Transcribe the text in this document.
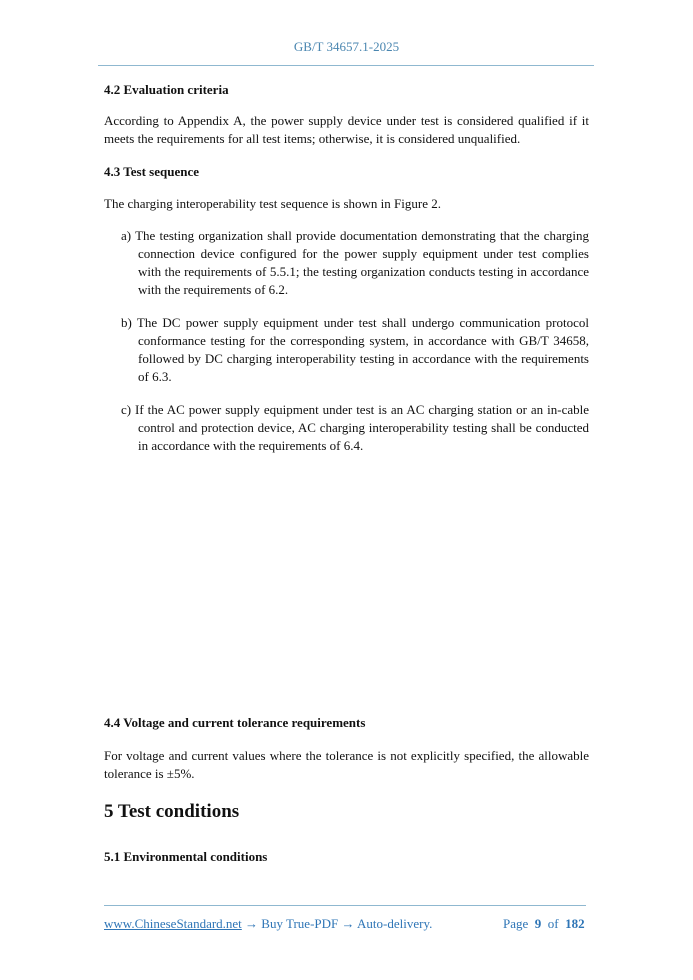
GB/T 34657.1-2025
4.2 Evaluation criteria
According to Appendix A, the power supply device under test is considered qualified if it meets the requirements for all test items; otherwise, it is considered unqualified.
4.3 Test sequence
The charging interoperability test sequence is shown in Figure 2.
a) The testing organization shall provide documentation demonstrating that the charging connection device configured for the power supply equipment under test complies with the requirements of 5.5.1; the testing organization conducts testing in accordance with the requirements of 6.2.
b) The DC power supply equipment under test shall undergo communication protocol conformance testing for the corresponding system, in accordance with GB/T 34658, followed by DC charging interoperability testing in accordance with the requirements of 6.3.
c) If the AC power supply equipment under test is an AC charging station or an in-cable control and protection device, AC charging interoperability testing shall be conducted in accordance with the requirements of 6.4.
4.4 Voltage and current tolerance requirements
For voltage and current values where the tolerance is not explicitly specified, the allowable tolerance is ±5%.
5 Test conditions
5.1 Environmental conditions
www.ChineseStandard.net → Buy True-PDF → Auto-delivery.	Page 9 of 182
